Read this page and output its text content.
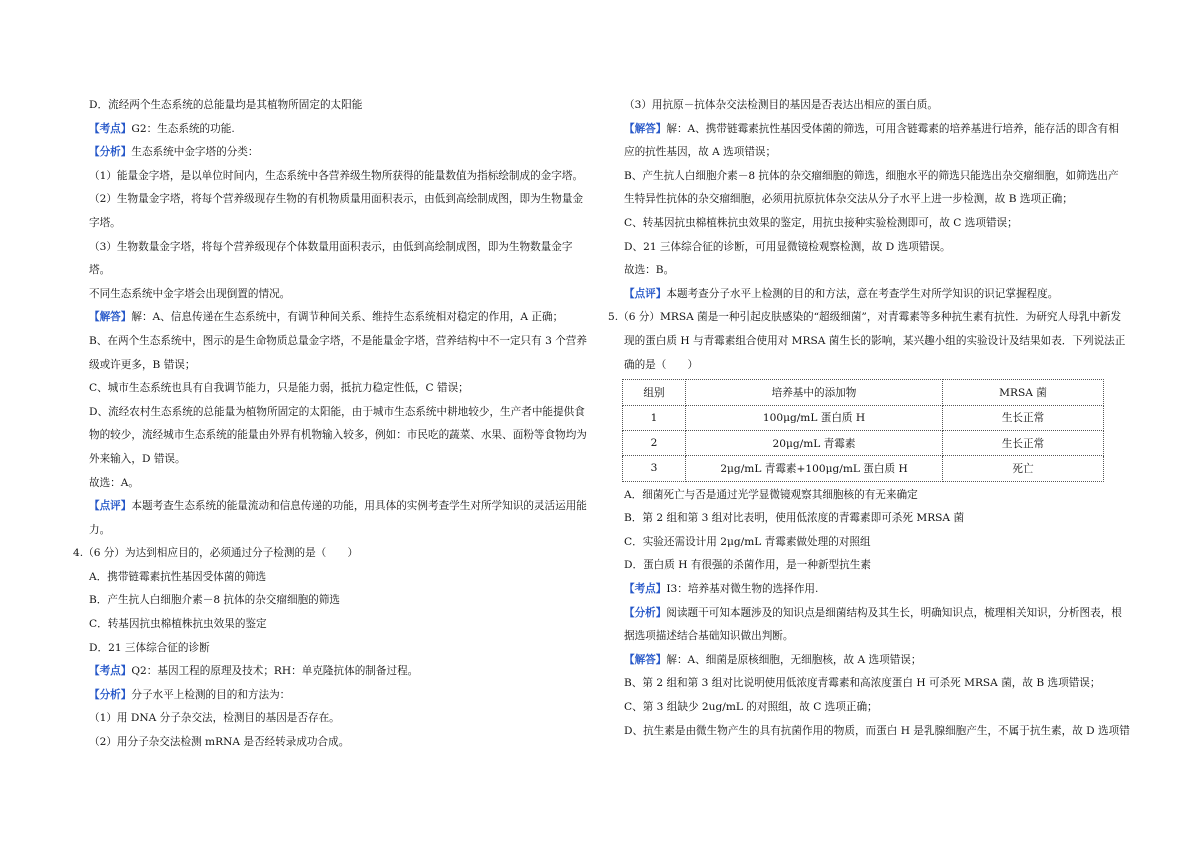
D．流经两个生态系统的总能量均是其植物所固定的太阳能
【考点】G2：生态系统的功能.
【分析】生态系统中金字塔的分类：
（1）能量金字塔，是以单位时间内，生态系统中各营养级生物所获得的能量数值为指标绘制成的金字塔。
（2）生物量金字塔，将每个营养级现存生物的有机物质量用面积表示，由低到高绘制成图，即为生物量金
字塔。
（3）生物数量金字塔，将每个营养级现存个体数量用面积表示，由低到高绘制成图，即为生物数量金字
塔。
不同生态系统中金字塔会出现倒置的情况。
【解答】解：A、信息传递在生态系统中，有调节种间关系、维持生态系统相对稳定的作用，A 正确；
B、在两个生态系统中，图示的是生命物质总量金字塔，不是能量金字塔，营养结构中不一定只有 3 个营养
级或许更多，B 错误；
C、城市生态系统也具有自我调节能力，只是能力弱，抵抗力稳定性低，C 错误；
D、流经农村生态系统的总能量为植物所固定的太阳能，由于城市生态系统中耕地较少，生产者中能提供食
物的较少，流经城市生态系统的能量由外界有机物输入较多，例如：市民吃的蔬菜、水果、面粉等食物均为
外来输入，D 错误。
故选：A。
【点评】本题考查生态系统的能量流动和信息传递的功能，用具体的实例考查学生对所学知识的灵活运用能
力。
4.（6 分）为达到相应目的，必须通过分子检测的是（　　）
A．携带链霉素抗性基因受体菌的筛选
B．产生抗人白细胞介素－8 抗体的杂交瘤细胞的筛选
C．转基因抗虫棉植株抗虫效果的鉴定
D．21 三体综合征的诊断
【考点】Q2：基因工程的原理及技术；RH：单克隆抗体的制备过程。
【分析】分子水平上检测的目的和方法为：
（1）用 DNA 分子杂交法，检测目的基因是否存在。
（2）用分子杂交法检测 mRNA 是否经转录成功合成。
（3）用抗原－抗体杂交法检测目的基因是否表达出相应的蛋白质。
【解答】解：A、携带链霉素抗性基因受体菌的筛选，可用含链霉素的培养基进行培养，能存活的即含有相
应的抗性基因，故 A 选项错误；
B、产生抗人白细胞介素－8 抗体的杂交瘤细胞的筛选，细胞水平的筛选只能选出杂交瘤细胞，如筛选出产
生特异性抗体的杂交瘤细胞，必须用抗原抗体杂交法从分子水平上进一步检测，故 B 选项正确；
C、转基因抗虫棉植株抗虫效果的鉴定，用抗虫接种实验检测即可，故 C 选项错误；
D、21 三体综合征的诊断，可用显微镜检观察检测，故 D 选项错误。
故选：B。
【点评】本题考查分子水平上检测的目的和方法，意在考查学生对所学知识的识记掌握程度。
5.（6 分）MRSA 菌是一种引起皮肤感染的“超级细菌”，对青霉素等多种抗生素有抗性．为研究人母乳中新发
现的蛋白质 H 与青霉素组合使用对 MRSA 菌生长的影响，某兴趣小组的实验设计及结果如表．下列说法正
确的是（　　）
组别	培养基中的添加物	MRSA 菌
1	100μg/mL 蛋白质 H	生长正常
2	20μg/mL 青霉素	生长正常
3	2μg/mL 青霉素+100μg/mL 蛋白质 H	死亡
A．细菌死亡与否是通过光学显微镜观察其细胞核的有无来确定
B．第 2 组和第 3 组对比表明，使用低浓度的青霉素即可杀死 MRSA 菌
C．实验还需设计用 2μg/mL 青霉素做处理的对照组
D．蛋白质 H 有很强的杀菌作用，是一种新型抗生素
【考点】I3：培养基对微生物的选择作用.
【分析】阅读题干可知本题涉及的知识点是细菌结构及其生长，明确知识点，梳理相关知识，分析图表，根
据选项描述结合基础知识做出判断。
【解答】解：A、细菌是原核细胞，无细胞核，故 A 选项错误；
B、第 2 组和第 3 组对比说明使用低浓度青霉素和高浓度蛋白 H 可杀死 MRSA 菌，故 B 选项错误；
C、第 3 组缺少 2ug/mL 的对照组，故 C 选项正确；
D、抗生素是由微生物产生的具有抗菌作用的物质，而蛋白 H 是乳腺细胞产生，不属于抗生素，故 D 选项错
